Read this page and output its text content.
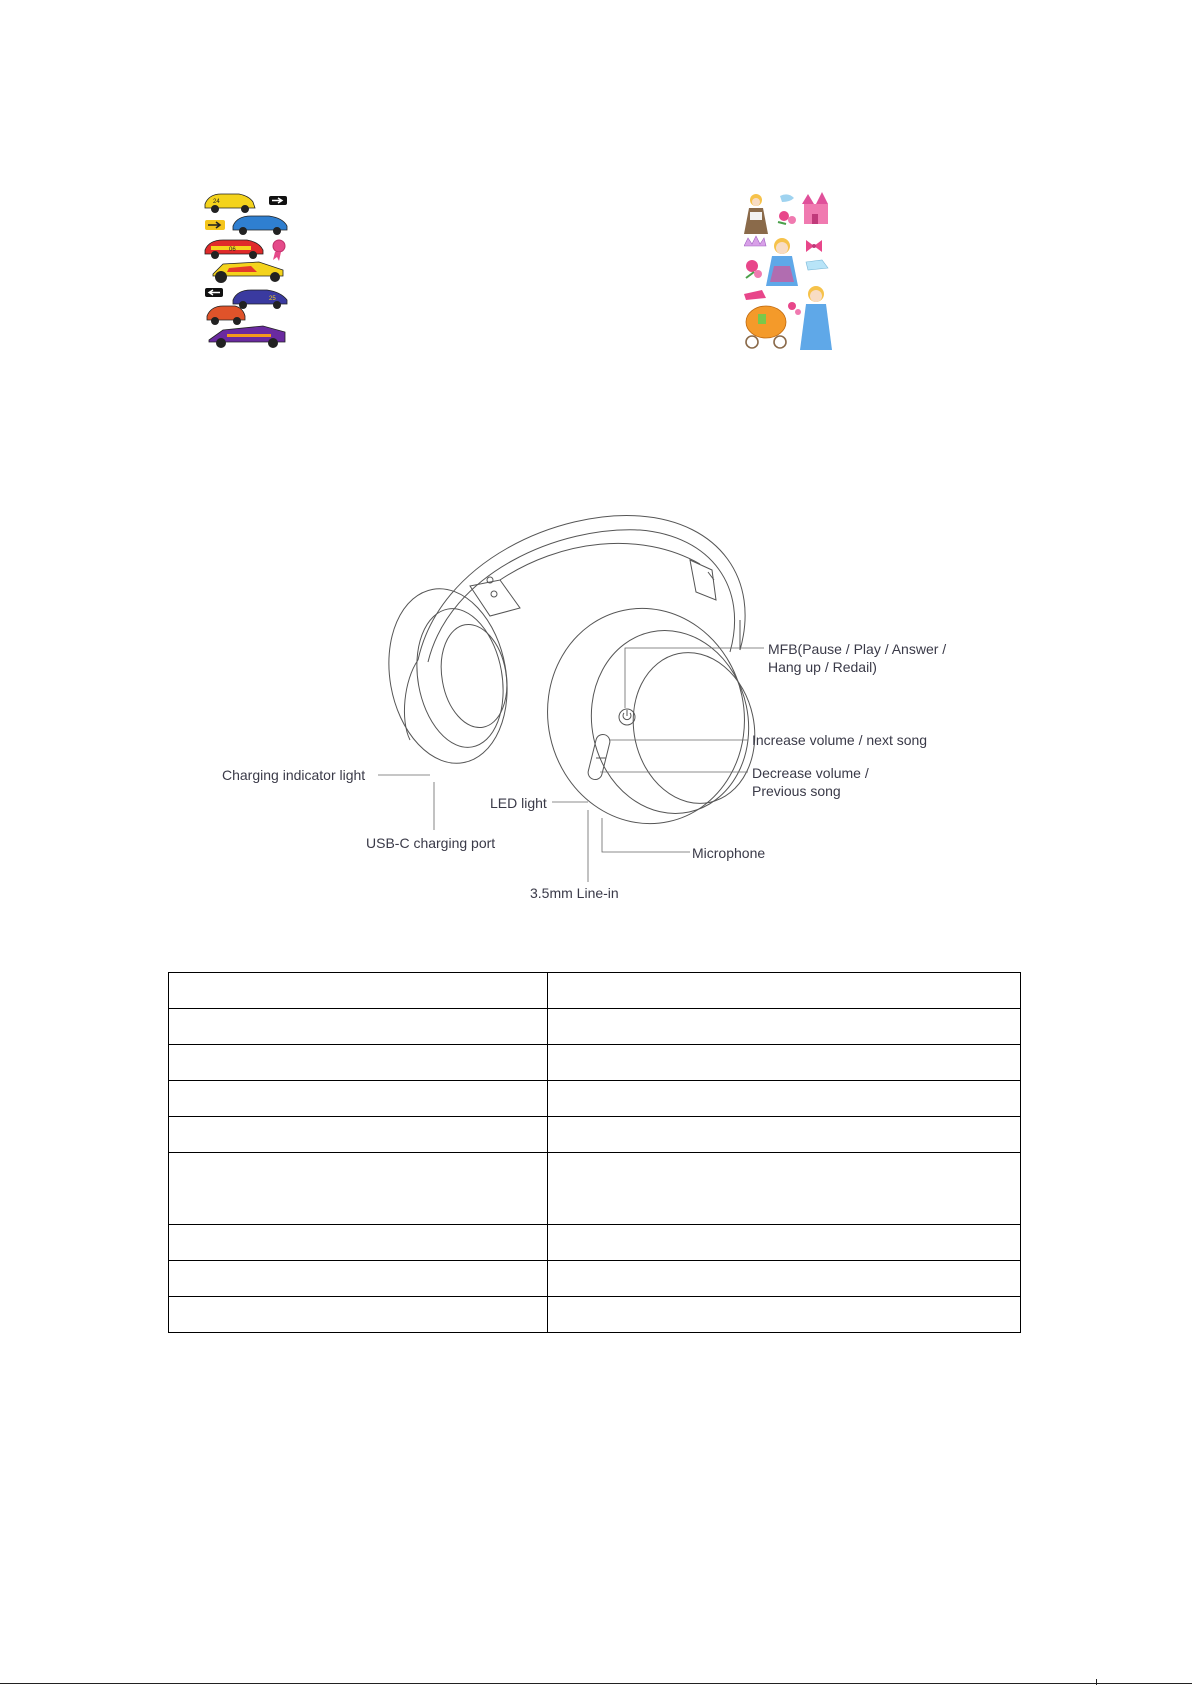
24
06
25
MFB(Pause / Play / Answer / Hang up / Redail)
Increase volume / next song
Decrease volume / Previous song
Charging indicator light
LED light
USB-C charging port
Microphone
3.5mm Line-in
